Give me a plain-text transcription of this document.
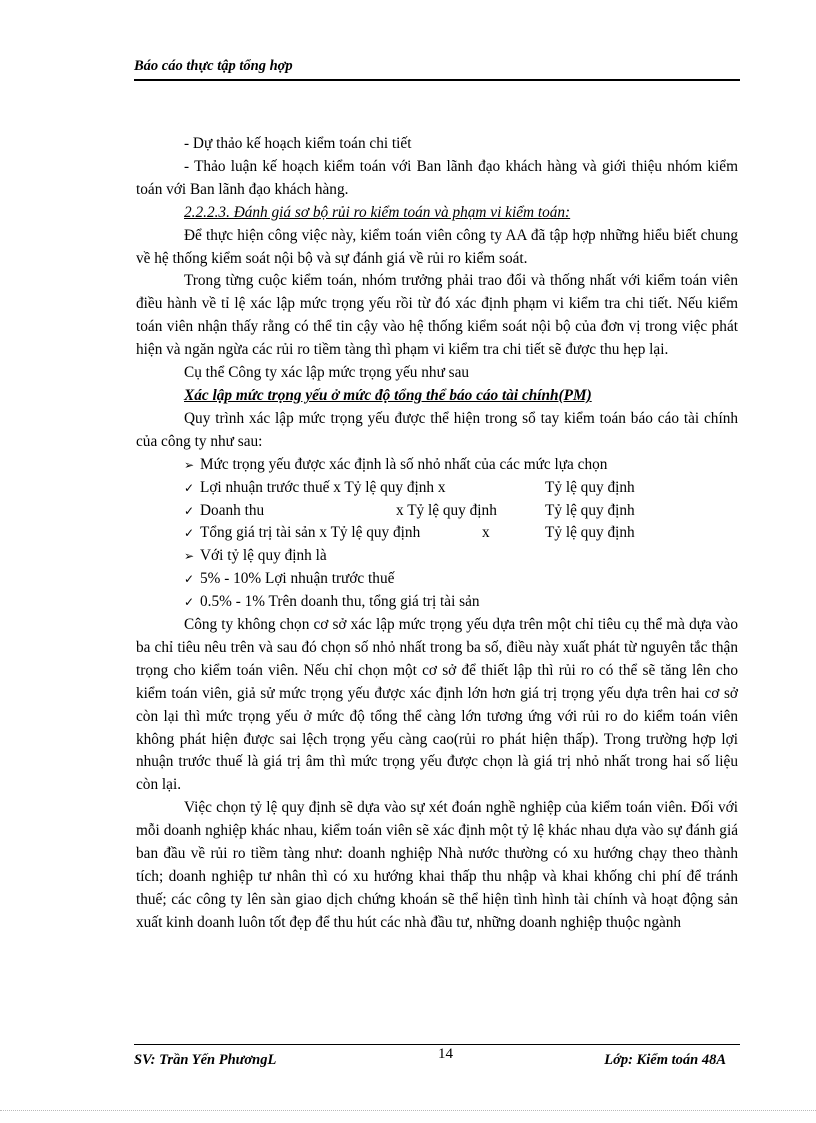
Báo cáo thực tập tổng hợp

- Dự thảo kế hoạch kiểm toán chi tiết

- Thảo luận kế hoạch kiểm toán với Ban lãnh đạo khách hàng và giới thiệu nhóm kiểm toán với Ban lãnh đạo khách hàng.

2.2.2.3. Đánh giá sơ bộ rủi ro kiểm toán và phạm vi kiểm toán:

Để thực hiện công việc này, kiểm toán viên công ty AA đã tập hợp những hiểu biết chung về hệ thống kiểm soát nội bộ và sự đánh giá về rủi ro kiểm soát.

Trong từng cuộc kiểm toán, nhóm trưởng phải trao đổi và thống nhất với kiểm toán viên điều hành về tỉ lệ xác lập mức trọng yếu rồi từ đó xác định phạm vi kiểm tra chi tiết. Nếu kiểm toán viên nhận thấy rằng có thể tin cậy vào hệ thống kiểm soát nội bộ của đơn vị trong việc phát hiện và ngăn ngừa các rủi ro tiềm tàng thì phạm vi kiểm tra chi tiết sẽ được thu hẹp lại.

Cụ thể Công ty xác lập mức trọng yếu như sau

Xác lập mức trọng yếu ở mức độ tổng thể báo cáo tài chính(PM)

Quy trình xác lập mức trọng yếu được thể hiện trong sổ tay kiểm toán báo cáo tài chính của công ty như sau:

➢ Mức trọng yếu được xác định là số nhỏ nhất của các mức lựa chọn
✓ Lợi nhuận trước thuế x Tỷ lệ quy định x	Tỷ lệ quy định
✓ Doanh thu	x Tỷ lệ quy định	Tỷ lệ quy định
✓ Tổng giá trị tài sản x Tỷ lệ quy định	x	Tỷ lệ quy định
➢ Với tỷ lệ quy định là
✓ 5% - 10% Lợi nhuận trước thuế
✓ 0.5% - 1% Trên doanh thu, tổng giá trị tài sản

Công ty không chọn cơ sở xác lập mức trọng yếu dựa trên một chỉ tiêu cụ thể mà dựa vào ba chỉ tiêu nêu trên và sau đó chọn số nhỏ nhất trong ba số, điều này xuất phát từ nguyên tắc thận trọng cho kiểm toán viên. Nếu chỉ chọn một cơ sở để thiết lập thì rủi ro có thể sẽ tăng lên cho kiểm toán viên, giả sử mức trọng yếu được xác định lớn hơn giá trị trọng yếu dựa trên hai cơ sở còn lại thì mức trọng yếu ở mức độ tổng thể càng lớn tương ứng với rủi ro do kiểm toán viên không phát hiện được sai lệch trọng yếu càng cao(rủi ro phát hiện thấp). Trong trường hợp lợi nhuận trước thuế là giá trị âm thì mức trọng yếu được chọn là giá trị nhỏ nhất trong hai số liệu còn lại.

Việc chọn tỷ lệ quy định sẽ dựa vào sự xét đoán nghề nghiệp của kiểm toán viên. Đối với mỗi doanh nghiệp khác nhau, kiểm toán viên sẽ xác định một tỷ lệ khác nhau dựa vào sự đánh giá ban đầu về rủi ro tiềm tàng như: doanh nghiệp Nhà nước thường có xu hướng chạy theo thành tích; doanh nghiệp tư nhân thì có xu hướng khai thấp thu nhập và khai khống chi phí để tránh thuế; các công ty lên sàn giao dịch chứng khoán sẽ thể hiện tình hình tài chính và hoạt động sản xuất kinh doanh luôn tốt đẹp để thu hút các nhà đầu tư, những doanh nghiệp thuộc ngành

SV: Trần Yến PhươngL	14	Lớp: Kiểm toán 48A
